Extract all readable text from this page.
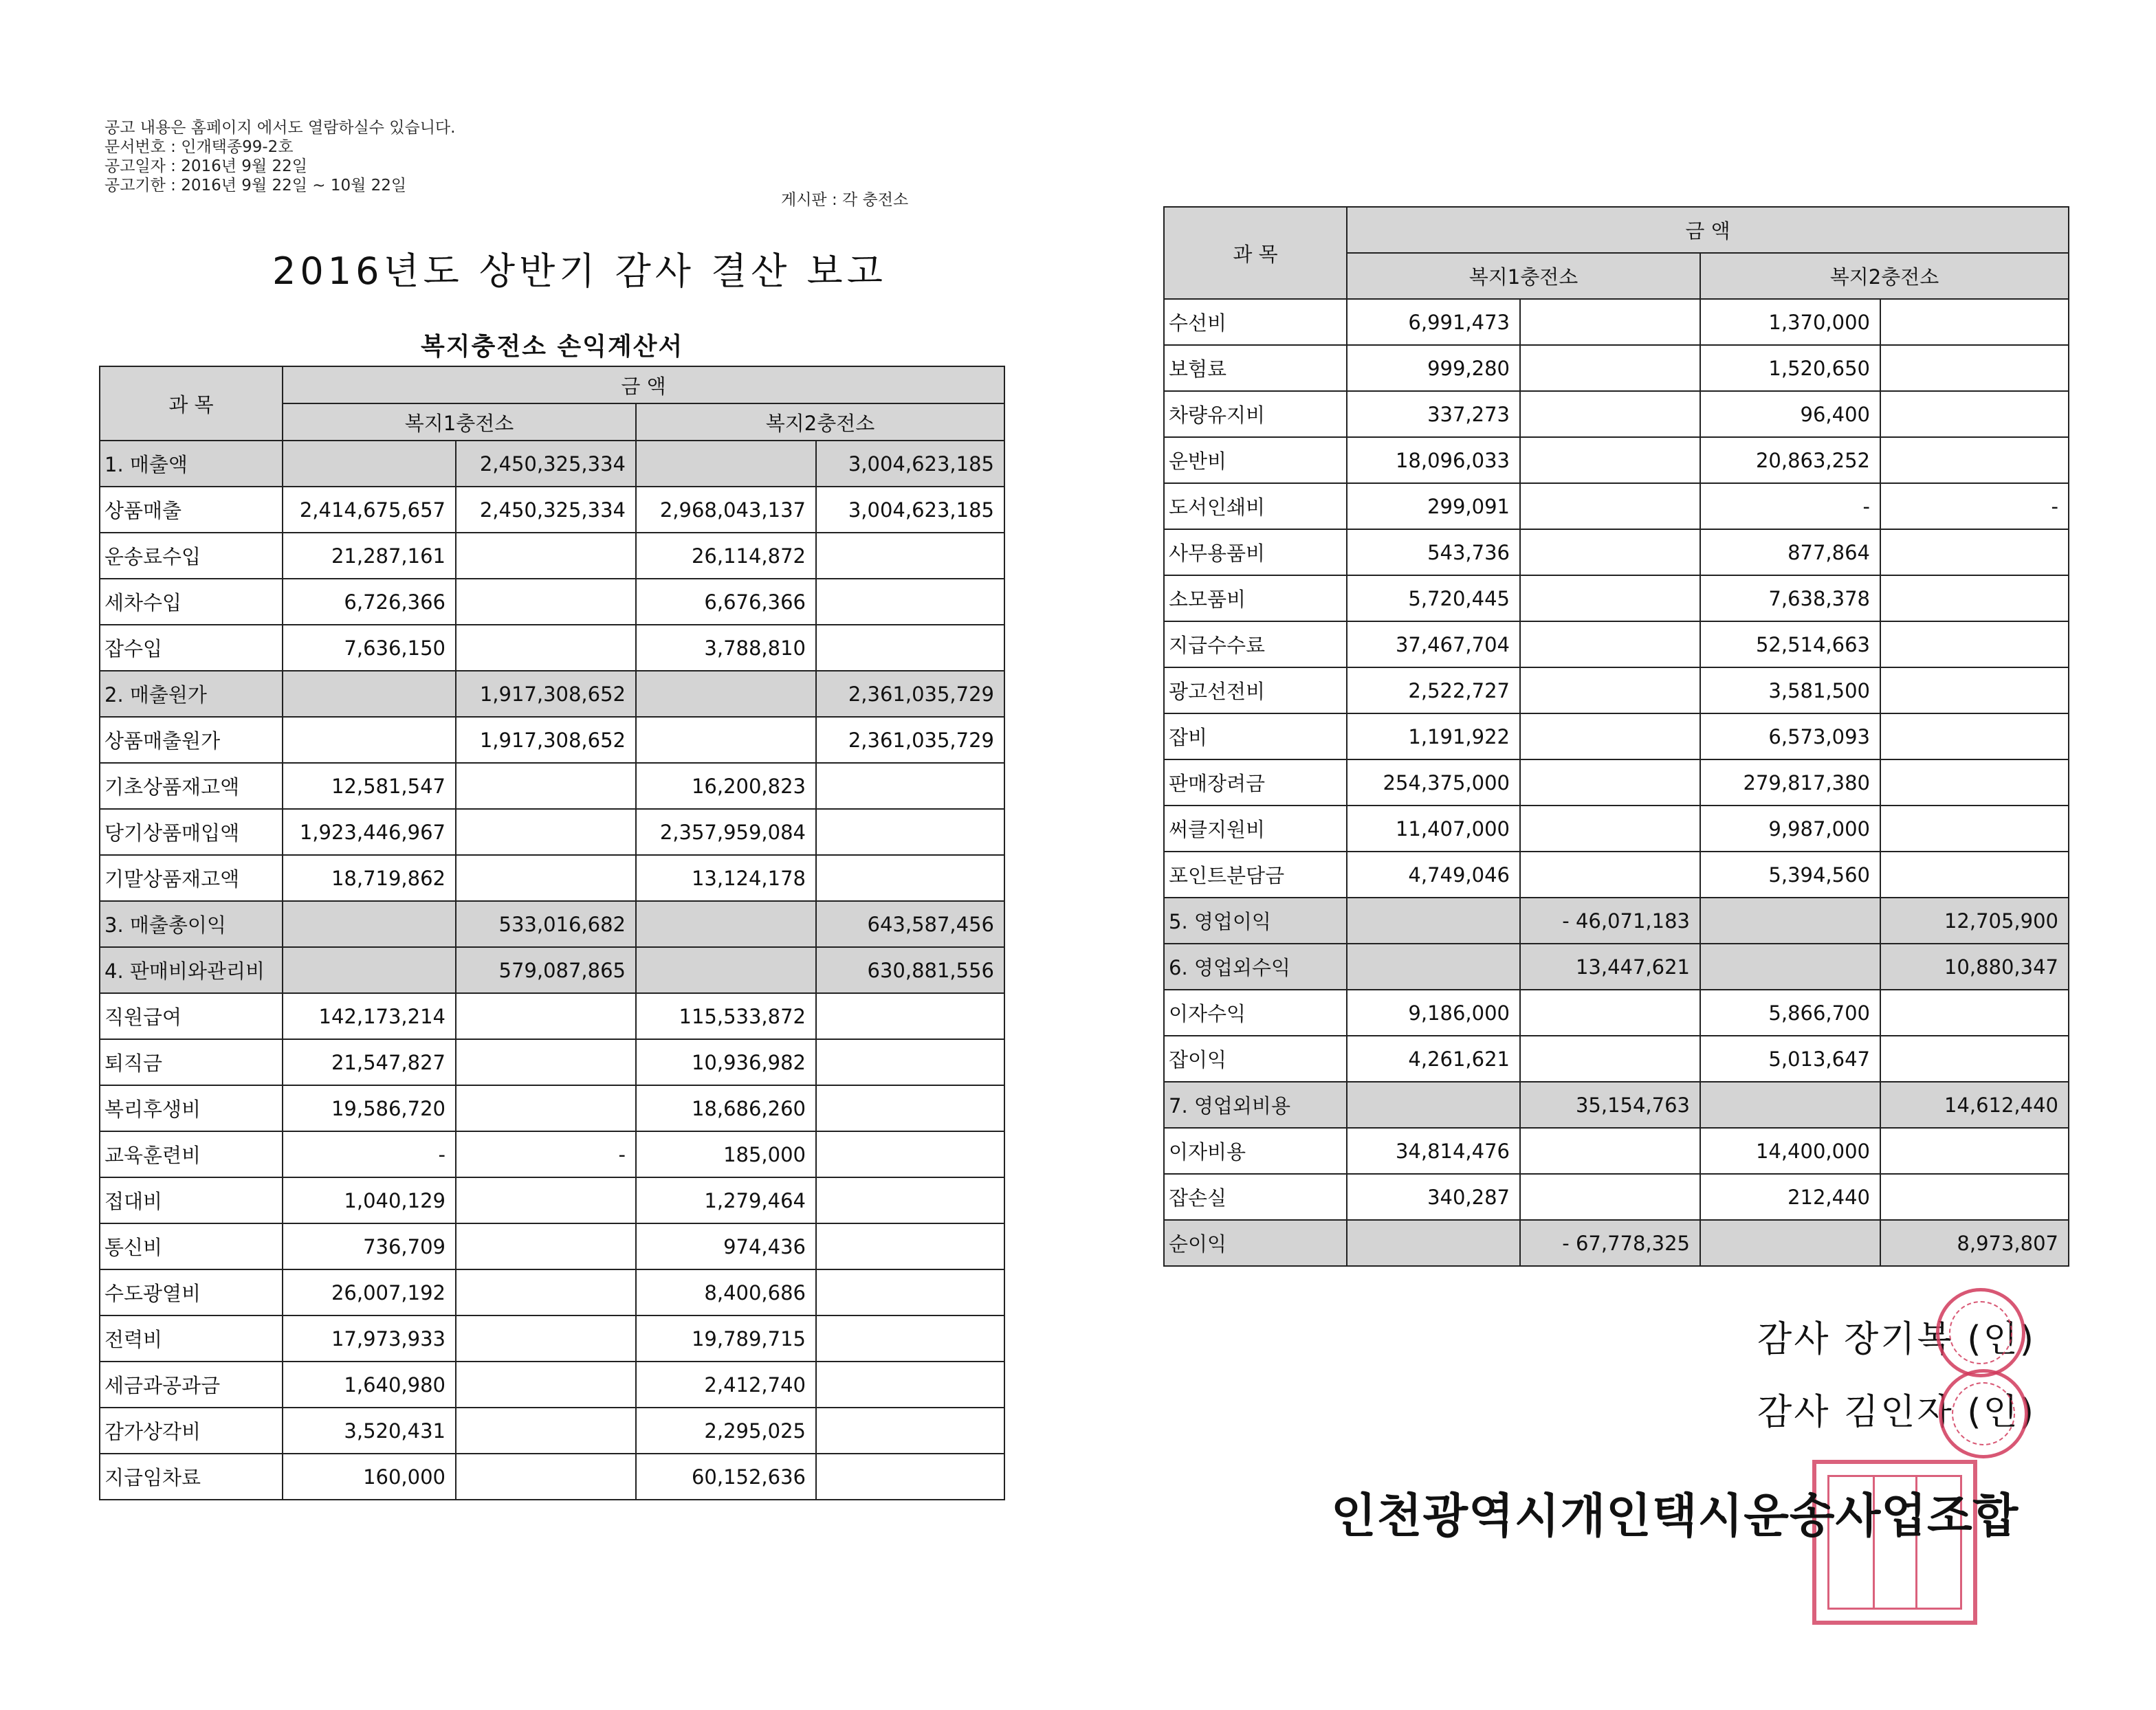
공고 내용은 홈페이지 에서도 열람하실수 있습니다.
문서번호 : 인개택종99-2호
공고일자 : 2016년 9월 22일
공고기한 : 2016년 9월 22일 ~ 10월 22일
게시판 : 각 충전소
2016년도 상반기 감사 결산 보고
복지충전소 손익계산서
과 목	금 액			
	복지1충전소		복지2충전소	
1. 매출액		2,450,325,334		3,004,623,185
상품매출	2,414,675,657	2,450,325,334	2,968,043,137	3,004,623,185
운송료수입	21,287,161		26,114,872	
세차수입	6,726,366		6,676,366	
잡수입	7,636,150		3,788,810	
2. 매출원가		1,917,308,652		2,361,035,729
상품매출원가		1,917,308,652		2,361,035,729
기초상품재고액	12,581,547		16,200,823	
당기상품매입액	1,923,446,967		2,357,959,084	
기말상품재고액	18,719,862		13,124,178	
3. 매출총이익		533,016,682		643,587,456
4. 판매비와관리비		579,087,865		630,881,556
직원급여	142,173,214		115,533,872	
퇴직금	21,547,827		10,936,982	
복리후생비	19,586,720		18,686,260	
교육훈련비	-	-	185,000	
접대비	1,040,129		1,279,464	
통신비	736,709		974,436	
수도광열비	26,007,192		8,400,686	
전력비	17,973,933		19,789,715	
세금과공과금	1,640,980		2,412,740	
감가상각비	3,520,431		2,295,025	
지급임차료	160,000		60,152,636	
과 목	금 액			
	복지1충전소		복지2충전소	
수선비	6,991,473		1,370,000	
보험료	999,280		1,520,650	
차량유지비	337,273		96,400	
운반비	18,096,033		20,863,252	
도서인쇄비	299,091		-	-
사무용품비	543,736		877,864	
소모품비	5,720,445		7,638,378	
지급수수료	37,467,704		52,514,663	
광고선전비	2,522,727		3,581,500	
잡비	1,191,922		6,573,093	
판매장려금	254,375,000		279,817,380	
써클지원비	11,407,000		9,987,000	
포인트분담금	4,749,046		5,394,560	
5. 영업이익		- 46,071,183		12,705,900
6. 영업외수익		13,447,621		10,880,347
이자수익	9,186,000		5,866,700	
잡이익	4,261,621		5,013,647	
7. 영업외비용		35,154,763		14,612,440
이자비용	34,814,476		14,400,000	
잡손실	340,287		212,440	
순이익		- 67,778,325		8,973,807
감사 장기복 (인)
감사 김인자 (인)
인천광역시개인택시운송사업조합
